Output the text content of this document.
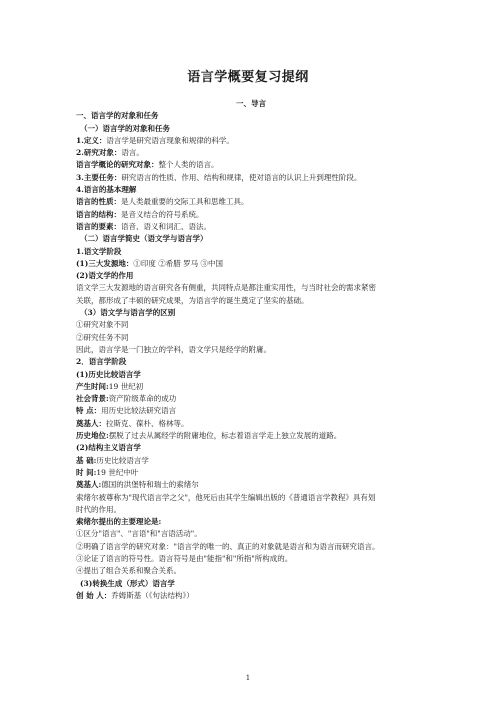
语言学概要复习提纲
一、导言
一、语言学的对象和任务
（一）语言学的对象和任务
1.定义：语言学是研究语言现象和规律的科学。
2.研究对象：语言。
语言学概论的研究对象：整个人类的语言。
3.主要任务：研究语言的性质、作用、结构和规律，使对语言的认识上升到理性阶段。
4.语言的基本理解
语言的性质：是人类最重要的交际工具和思维工具。
语言的结构：是音义结合的符号系统。
语言的要素：语音、语义和词汇、语法。
（二）语言学简史（语文学与语言学）
1.语文学阶段
(1)三大发源地：①印度 ②希腊 罗马 ③中国
(2)语文学的作用
语文学三大发源地的语言研究各有侧重，共同特点是都注重实用性，与当时社会的需求紧密
关联，都形成了丰硕的研究成果，为语言学的诞生奠定了坚实的基础。
（3）语文学与语言学的区别
①研究对象不同
②研究任务不同
因此，语言学是一门独立的学科，语文学只是经学的附庸。
2．语言学阶段
(1)历史比较语言学
产生时间:19 世纪初
社会背景:资产阶级革命的成功
特 点：用历史比较法研究语言
奠基人：拉斯克、葆朴、格林等。
历史地位:摆脱了过去从属经学的附庸地位，标志着语言学走上独立发展的道路。
(2)结构主义语言学
基 础:历史比较语言学
时 间:19 世纪中叶
奠基人:德国的洪堡特和瑞士的索绪尔
索绪尔被尊称为"现代语言学之父"，他死后由其学生编辑出版的《普通语言学教程》具有划
时代的作用。
索绪尔提出的主要理论是:
①区分"语言"、"言语"和"言语活动"。
②明确了语言学的研究对象："语言学的唯一的、真正的对象就是语言和为语言而研究语言。
③论证了语言的符号性。语言符号是由"能指"和"所指"所构成的。
④提出了组合关系和聚合关系。
(3)转换生成（形式）语言学
创 始 人：乔姆斯基（《句法结构》）
1
